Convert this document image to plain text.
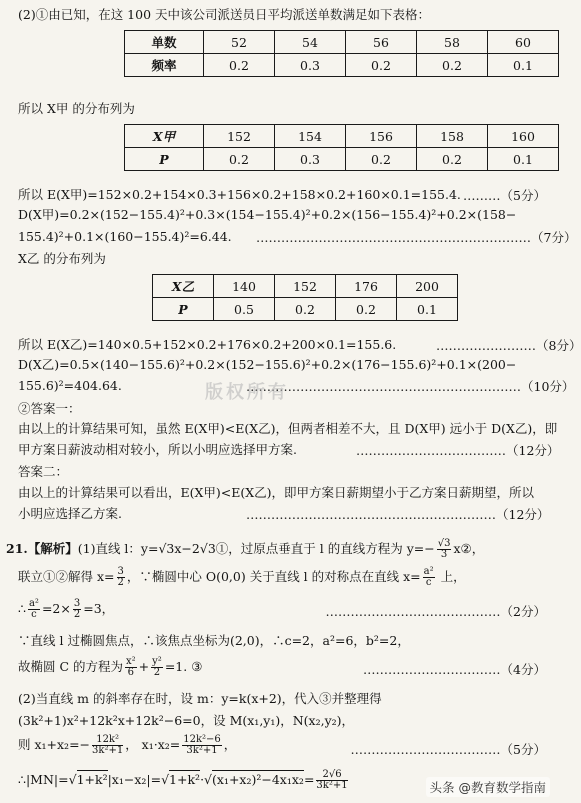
(2)①由已知，在这 100 天中该公司派送员日平均派送单数满足如下表格：
单数	52	54	56	58	60
频率	0.2	0.3	0.2	0.2	0.1
所以 X甲 的分布列为
X甲	152	154	156	158	160
P	0.2	0.3	0.2	0.2	0.1
所以 E(X甲)=152×0.2+154×0.3+156×0.2+158×0.2+160×0.1=155.4. ………（5分）
D(X甲)=0.2×(152−155.4)²+0.3×(154−155.4)²+0.2×(156−155.4)²+0.2×(158−
155.4)²+0.1×(160−155.4)²=6.44.	…………………………………………………………（7分）
X乙 的分布列为
X乙	140	152	176	200
P	0.5	0.2	0.2	0.1
所以 E(X乙)=140×0.5+152×0.2+176×0.2+200×0.1=155.6.	……………………（8分）
D(X乙)=0.5×(140−155.6)²+0.2×(152−155.6)²+0.2×(176−155.6)²+0.1×(200−
155.6)²=404.64.	…………………………………………………………（10分）
版权所有
②答案一：
由以上的计算结果可知，虽然 E(X甲)<E(X乙)，但两者相差不大，且 D(X甲) 远小于 D(X乙)，即
甲方案日薪波动相对较小，所以小明应选择甲方案.	………………………………（12分）
答案二：
由以上的计算结果可以看出，E(X甲)<E(X乙)，即甲方案日薪期望小于乙方案日薪期望，所以
小明应选择乙方案.	……………………………………………………（12分）
21.【解析】(1)直线 l：y=√3x−2√3①，过原点垂直于 l 的直线方程为 $y=- \frac{√3}{3}$ x②，
联立①②解得 $x= \frac{3}{2}$ ，∵椭圆中心 O(0,0) 关于直线 l 的对称点在直线 $x= \frac{\text{a²}}{c}$ 上，
∴ $\frac{\text{a²}}{c} =2\times \frac{3}{2} =3$，	……………………………………（2分）
∵直线 l 过椭圆焦点，∴该焦点坐标为(2,0)，∴c=2，a²=6，b²=2，
故椭圆 C 的方程为 $\frac{\text{x²}}{6} + \frac{\text{y²}}{2} =1$. ③	……………………………（4分）
(2)当直线 m 的斜率存在时，设 m：y=k(x+2)，代入③并整理得
(3k²+1)x²+12k²x+12k²−6=0，设 M(x₁,y₁)，N(x₂,y₂)，
则 $x_1+x_2=- \frac{\text{12k²}}{\text{3k²+1}}$ ， $x_1\cdot x_2= \frac{\text{12k²−6}}{\text{3k²+1}}$ ，	………………………………（5分）
∴|MN|=√1+k²|x₁−x₂|=√1+k²·√(x₁+x₂)²−4x₁x₂= $\frac{2√6}{\text{3k²+1}}$	头条 @教育数学指南
